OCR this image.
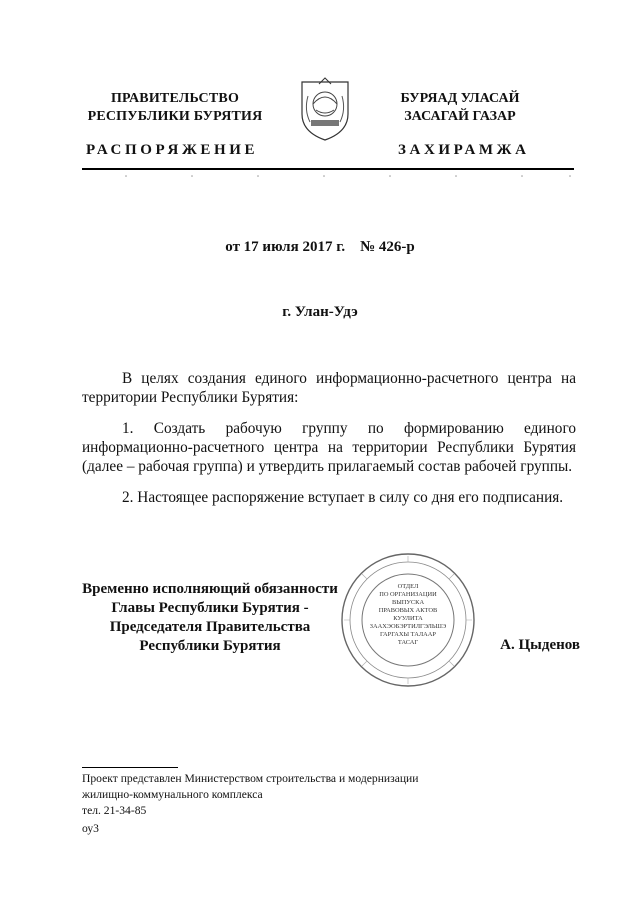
ПРАВИТЕЛЬСТВО
РЕСПУБЛИКИ БУРЯТИЯ
БУРЯАД УЛАСАЙ
ЗАСАГАЙ ГАЗАР
РАСПОРЯЖЕНИЕ	ЗАХИРАМЖА
от 17 июля 2017 г.    № 426-р
г. Улан-Удэ

В целях создания единого информационно-расчетного центра на территории Республики Бурятия:

1. Создать рабочую группу по формированию единого информационно-расчетного центра на территории Республики Бурятия (далее – рабочая группа) и утвердить прилагаемый состав рабочей группы.

2. Настоящее распоряжение вступает в силу со дня его подписания.

Временно исполняющий обязанности
Главы Республики Бурятия -
Председателя Правительства
Республики Бурятия
ОТДЕЛ
ПО ОРГАНИЗАЦИИ
ВЫПУСКА
ПРАВОВЫХ АКТОВ
КУУЛИТА
ЗААХЭОБЭРТИЛГЭЛЬШЭ
ГАРГАХЫ ТАЛААР
ТАСАГ	А. Цыденов
Проект представлен Министерством строительства и модернизации
жилищно-коммунального комплекса
тел. 21-34-85
оу3
